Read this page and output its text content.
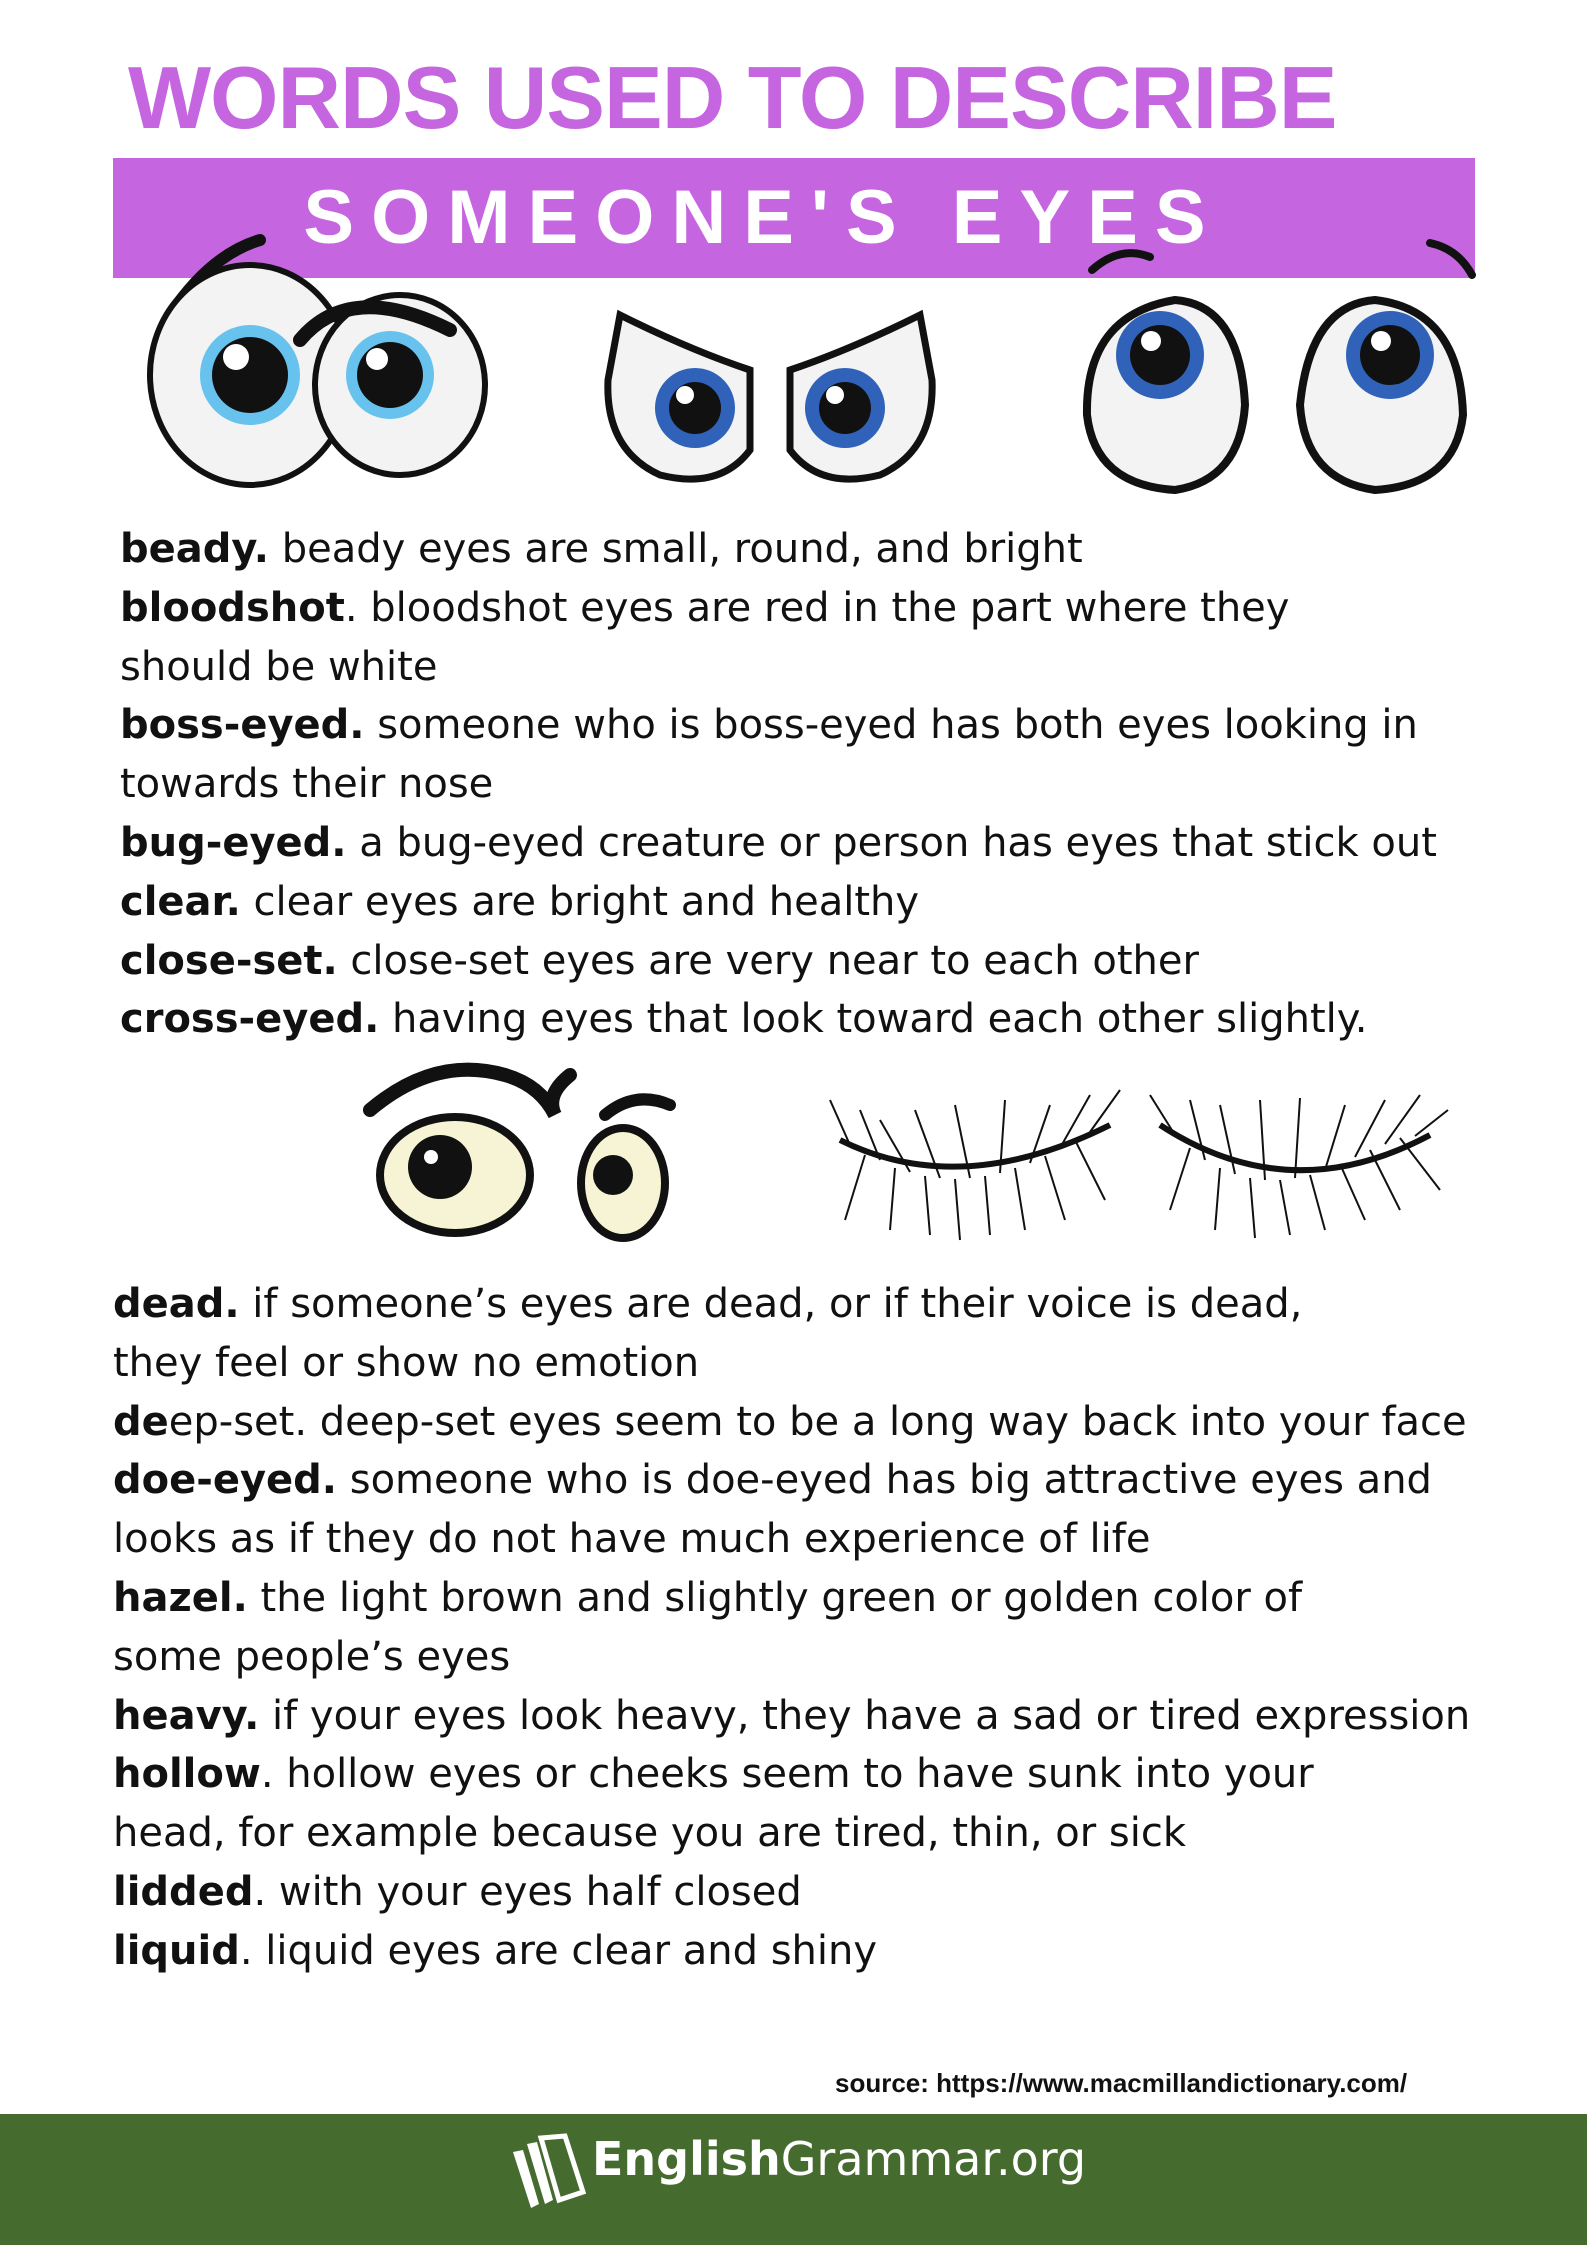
WORDS USED TO DESCRIBE
SOMEONE'S EYES
beady. beady eyes are small, round, and bright
bloodshot. bloodshot eyes are red in the part where they should be white
boss-eyed. someone who is boss-eyed has both eyes looking in towards their nose
bug-eyed. a bug-eyed creature or person has eyes that stick out
clear. clear eyes are bright and healthy
close-set. close-set eyes are very near to each other
cross-eyed. having eyes that look toward each other slightly.
dead. if someone’s eyes are dead, or if their voice is dead, they feel or show no emotion
deep-set. deep-set eyes seem to be a long way back into your face
doe-eyed. someone who is doe-eyed has big attractive eyes and looks as if they do not have much experience of life
hazel. the light brown and slightly green or golden color of some people’s eyes
heavy. if your eyes look heavy, they have a sad or tired expression
hollow. hollow eyes or cheeks seem to have sunk into your head, for example because you are tired, thin, or sick
lidded. with your eyes half closed
liquid. liquid eyes are clear and shiny
source: https://www.macmillandictionary.com/
EnglishGrammar.org
